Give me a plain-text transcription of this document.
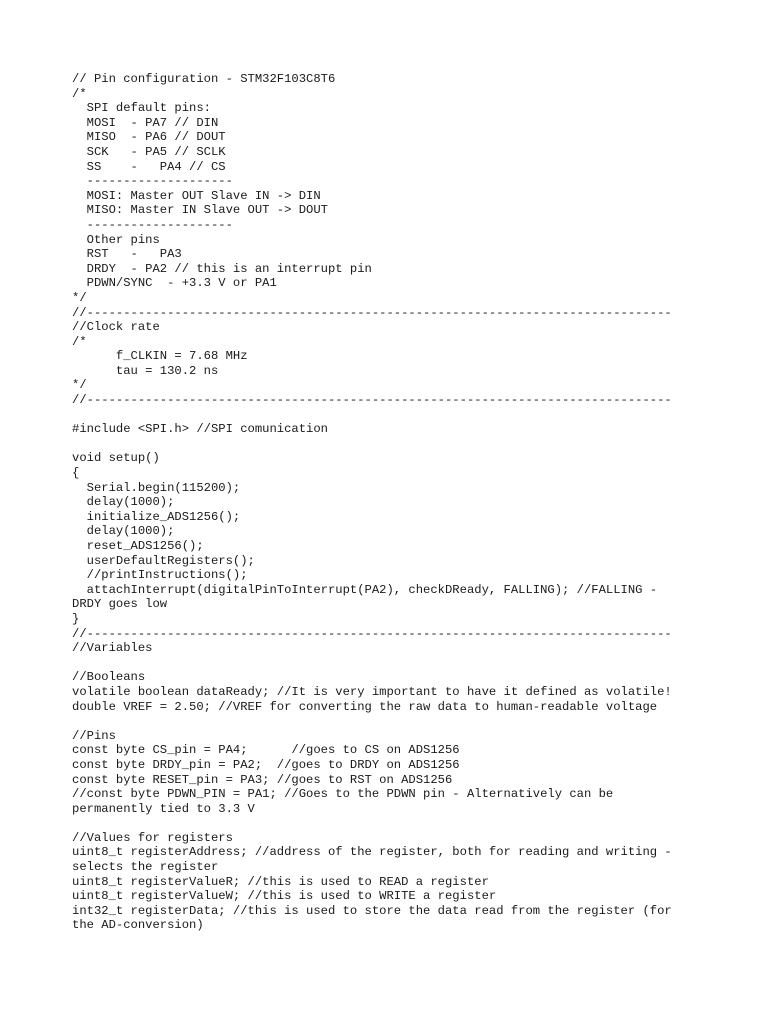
// Pin configuration - STM32F103C8T6
/*
SPI default pins:
MOSI  - PA7 // DIN
MISO  - PA6 // DOUT
SCK   - PA5 // SCLK
SS    -   PA4 // CS
--------------------
MOSI: Master OUT Slave IN -> DIN
MISO: Master IN Slave OUT -> DOUT
--------------------
Other pins
RST   -   PA3
DRDY  - PA2 // this is an interrupt pin
PDWN/SYNC  - +3.3 V or PA1
*/
//--------------------------------------------------------------------------------
//Clock rate
/*
f_CLKIN = 7.68 MHz
tau = 130.2 ns
*/
//--------------------------------------------------------------------------------
#include <SPI.h> //SPI comunication
void setup()
{
Serial.begin(115200);
delay(1000);
initialize_ADS1256();
delay(1000);
reset_ADS1256();
userDefaultRegisters();
//printInstructions();
attachInterrupt(digitalPinToInterrupt(PA2), checkDReady, FALLING); //FALLING -
DRDY goes low
}
//--------------------------------------------------------------------------------
//Variables
//Booleans
volatile boolean dataReady; //It is very important to have it defined as volatile!
double VREF = 2.50; //VREF for converting the raw data to human-readable voltage
//Pins
const byte CS_pin = PA4;      //goes to CS on ADS1256
const byte DRDY_pin = PA2;  //goes to DRDY on ADS1256
const byte RESET_pin = PA3; //goes to RST on ADS1256
//const byte PDWN_PIN = PA1; //Goes to the PDWN pin - Alternatively can be
permanently tied to 3.3 V
//Values for registers
uint8_t registerAddress; //address of the register, both for reading and writing -
selects the register
uint8_t registerValueR; //this is used to READ a register
uint8_t registerValueW; //this is used to WRITE a register
int32_t registerData; //this is used to store the data read from the register (for
the AD-conversion)
